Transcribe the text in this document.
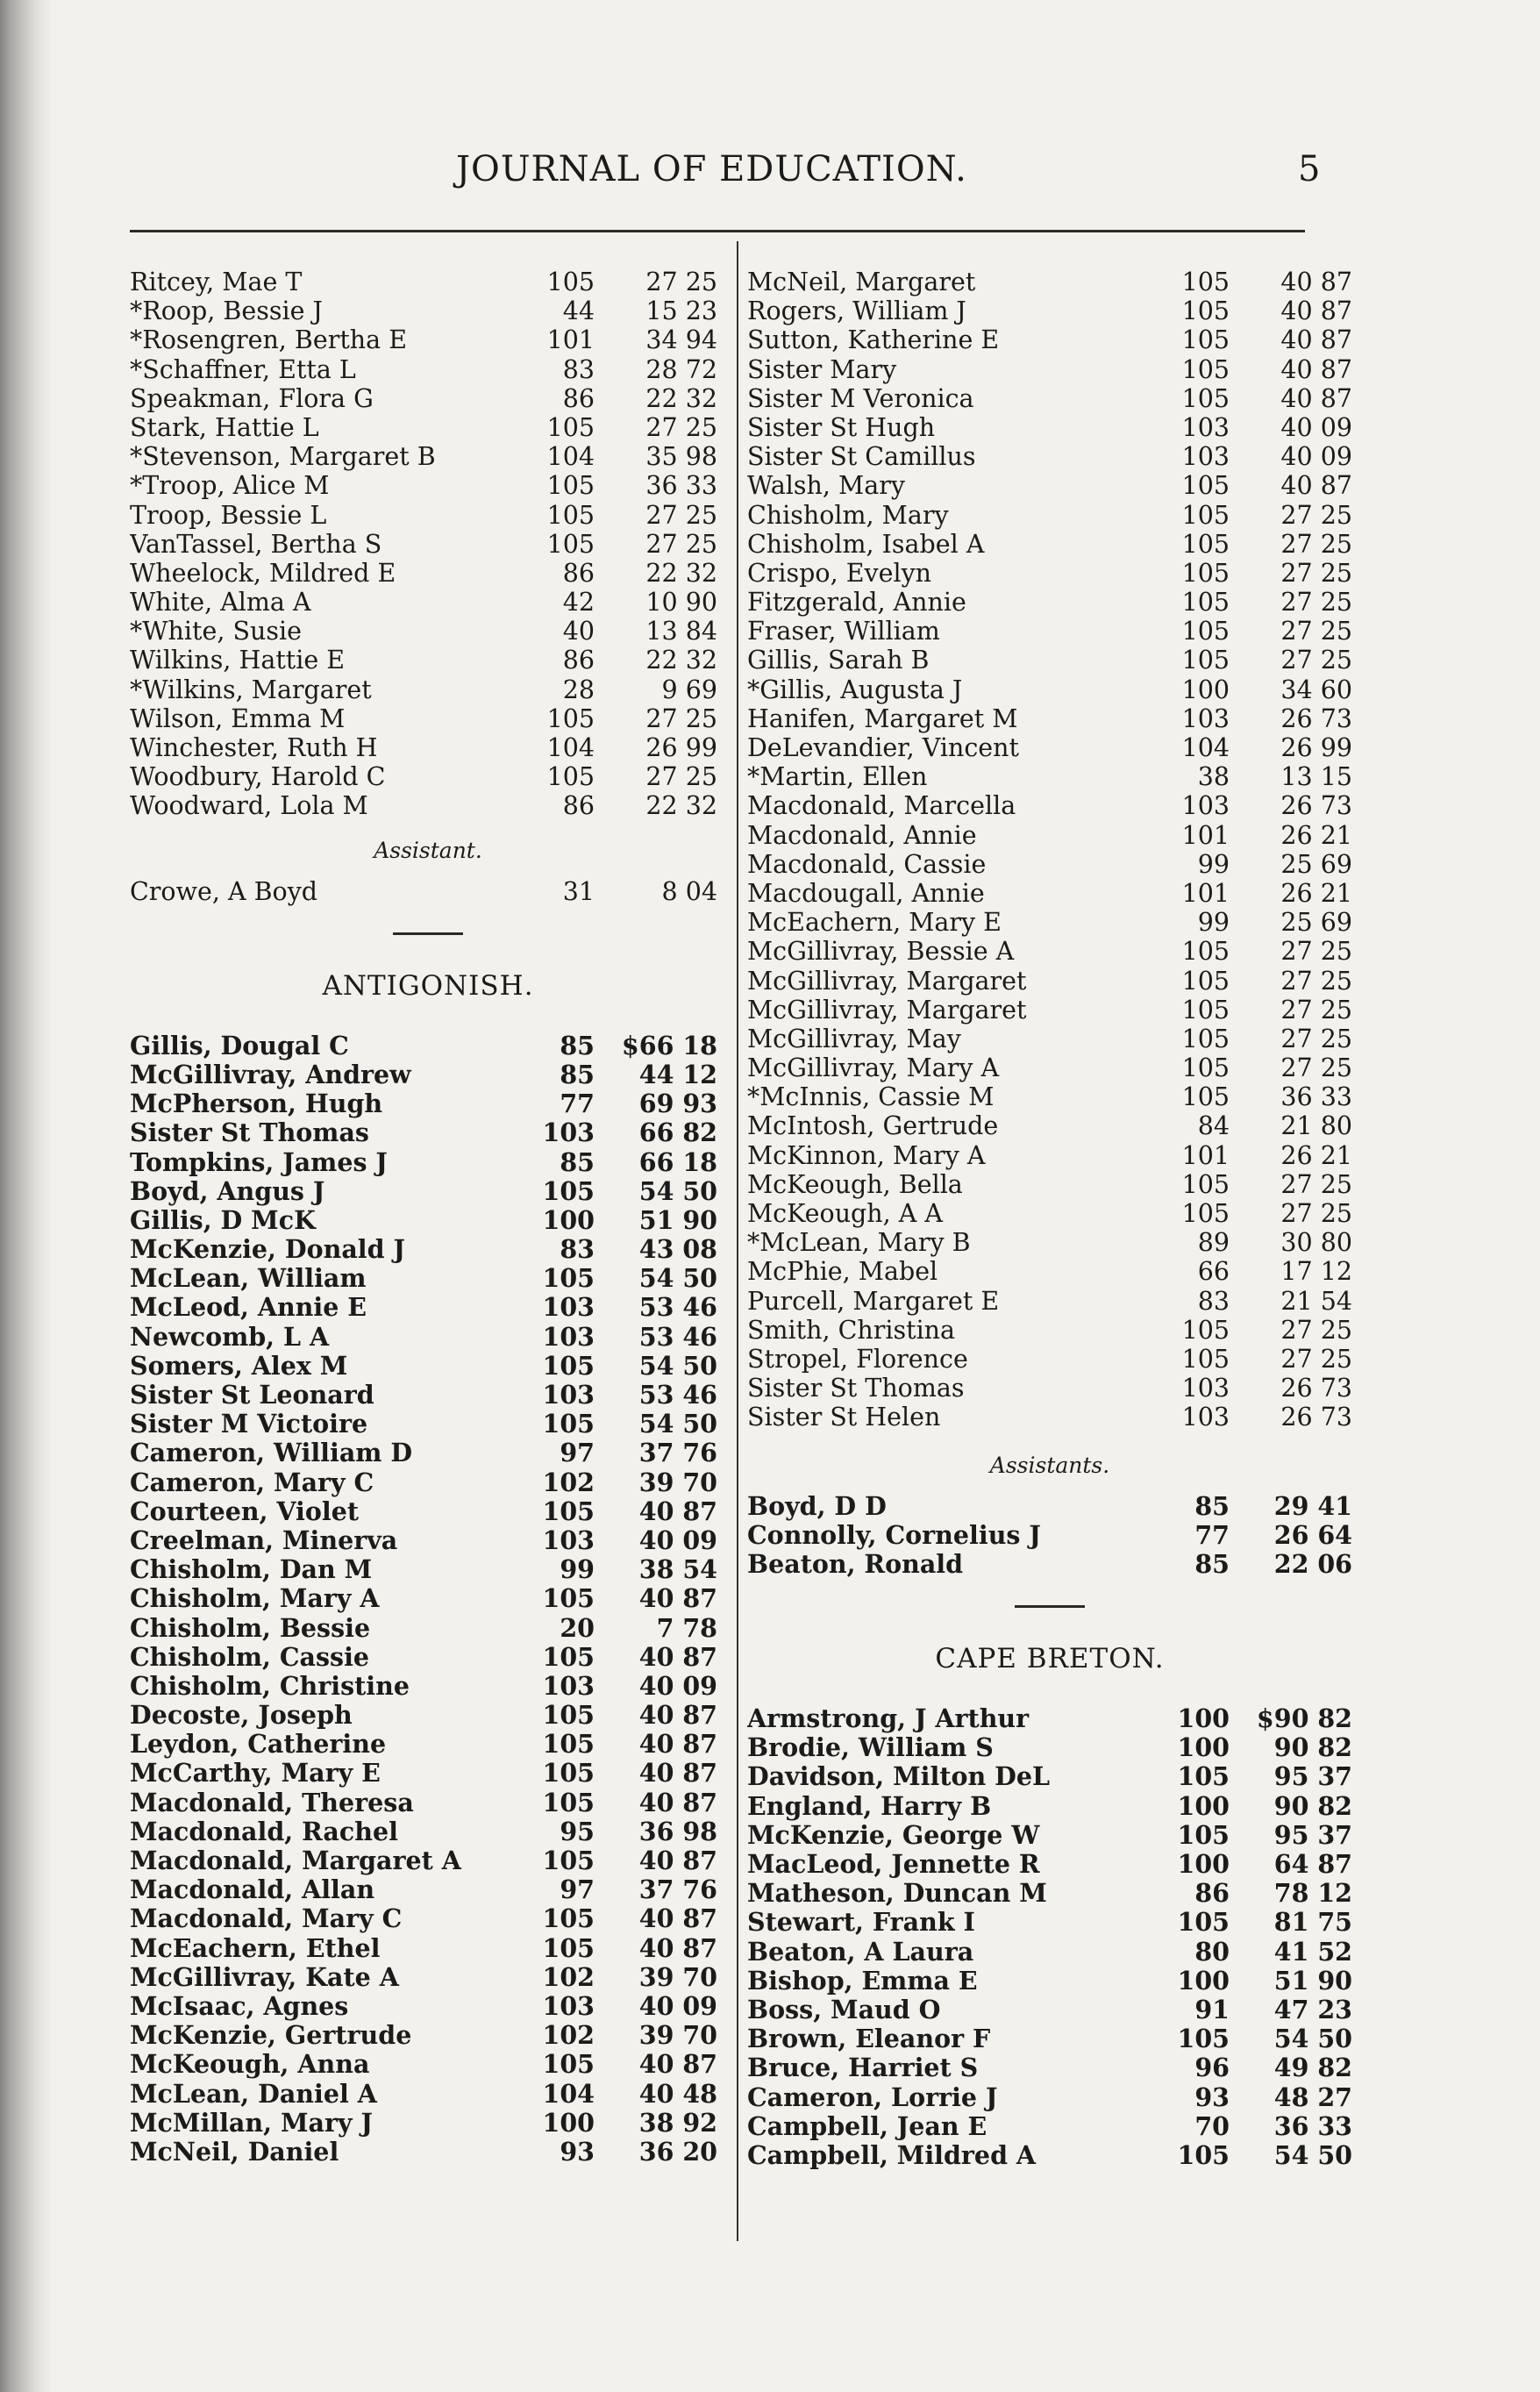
JOURNAL OF EDUCATION.	5
Ritcey, Mae T	105	27 25
*Roop, Bessie J	44	15 23
*Rosengren, Bertha E	101	34 94
*Schaffner, Etta L	83	28 72
Speakman, Flora G	86	22 32
Stark, Hattie L	105	27 25
*Stevenson, Margaret B	104	35 98
*Troop, Alice M	105	36 33
Troop, Bessie L	105	27 25
VanTassel, Bertha S	105	27 25
Wheelock, Mildred E	86	22 32
White, Alma A	42	10 90
*White, Susie	40	13 84
Wilkins, Hattie E	86	22 32
*Wilkins, Margaret	28	9 69
Wilson, Emma M	105	27 25
Winchester, Ruth H	104	26 99
Woodbury, Harold C	105	27 25
Woodward, Lola M	86	22 32
Assistant.
Crowe, A Boyd	31	8 04
ANTIGONISH.
Gillis, Dougal C	85	$66 18
McGillivray, Andrew	85	44 12
McPherson, Hugh	77	69 93
Sister St Thomas	103	66 82
Tompkins, James J	85	66 18
Boyd, Angus J	105	54 50
Gillis, D McK	100	51 90
McKenzie, Donald J	83	43 08
McLean, William	105	54 50
McLeod, Annie E	103	53 46
Newcomb, L A	103	53 46
Somers, Alex M	105	54 50
Sister St Leonard	103	53 46
Sister M Victoire	105	54 50
Cameron, William D	97	37 76
Cameron, Mary C	102	39 70
Courteen, Violet	105	40 87
Creelman, Minerva	103	40 09
Chisholm, Dan M	99	38 54
Chisholm, Mary A	105	40 87
Chisholm, Bessie	20	7 78
Chisholm, Cassie	105	40 87
Chisholm, Christine	103	40 09
Decoste, Joseph	105	40 87
Leydon, Catherine	105	40 87
McCarthy, Mary E	105	40 87
Macdonald, Theresa	105	40 87
Macdonald, Rachel	95	36 98
Macdonald, Margaret A	105	40 87
Macdonald, Allan	97	37 76
Macdonald, Mary C	105	40 87
McEachern, Ethel	105	40 87
McGillivray, Kate A	102	39 70
McIsaac, Agnes	103	40 09
McKenzie, Gertrude	102	39 70
McKeough, Anna	105	40 87
McLean, Daniel A	104	40 48
McMillan, Mary J	100	38 92
McNeil, Daniel	93	36 20
McNeil, Margaret	105	40 87
Rogers, William J	105	40 87
Sutton, Katherine E	105	40 87
Sister Mary	105	40 87
Sister M Veronica	105	40 87
Sister St Hugh	103	40 09
Sister St Camillus	103	40 09
Walsh, Mary	105	40 87
Chisholm, Mary	105	27 25
Chisholm, Isabel A	105	27 25
Crispo, Evelyn	105	27 25
Fitzgerald, Annie	105	27 25
Fraser, William	105	27 25
Gillis, Sarah B	105	27 25
*Gillis, Augusta J	100	34 60
Hanifen, Margaret M	103	26 73
DeLevandier, Vincent	104	26 99
*Martin, Ellen	38	13 15
Macdonald, Marcella	103	26 73
Macdonald, Annie	101	26 21
Macdonald, Cassie	99	25 69
Macdougall, Annie	101	26 21
McEachern, Mary E	99	25 69
McGillivray, Bessie A	105	27 25
McGillivray, Margaret	105	27 25
McGillivray, Margaret	105	27 25
McGillivray, May	105	27 25
McGillivray, Mary A	105	27 25
*McInnis, Cassie M	105	36 33
McIntosh, Gertrude	84	21 80
McKinnon, Mary A	101	26 21
McKeough, Bella	105	27 25
McKeough, A A	105	27 25
*McLean, Mary B	89	30 80
McPhie, Mabel	66	17 12
Purcell, Margaret E	83	21 54
Smith, Christina	105	27 25
Stropel, Florence	105	27 25
Sister St Thomas	103	26 73
Sister St Helen	103	26 73
Assistants.
Boyd, D D	85	29 41
Connolly, Cornelius J	77	26 64
Beaton, Ronald	85	22 06
CAPE BRETON.
Armstrong, J Arthur	100	$90 82
Brodie, William S	100	90 82
Davidson, Milton DeL	105	95 37
England, Harry B	100	90 82
McKenzie, George W	105	95 37
MacLeod, Jennette R	100	64 87
Matheson, Duncan M	86	78 12
Stewart, Frank I	105	81 75
Beaton, A Laura	80	41 52
Bishop, Emma E	100	51 90
Boss, Maud O	91	47 23
Brown, Eleanor F	105	54 50
Bruce, Harriet S	96	49 82
Cameron, Lorrie J	93	48 27
Campbell, Jean E	70	36 33
Campbell, Mildred A	105	54 50
